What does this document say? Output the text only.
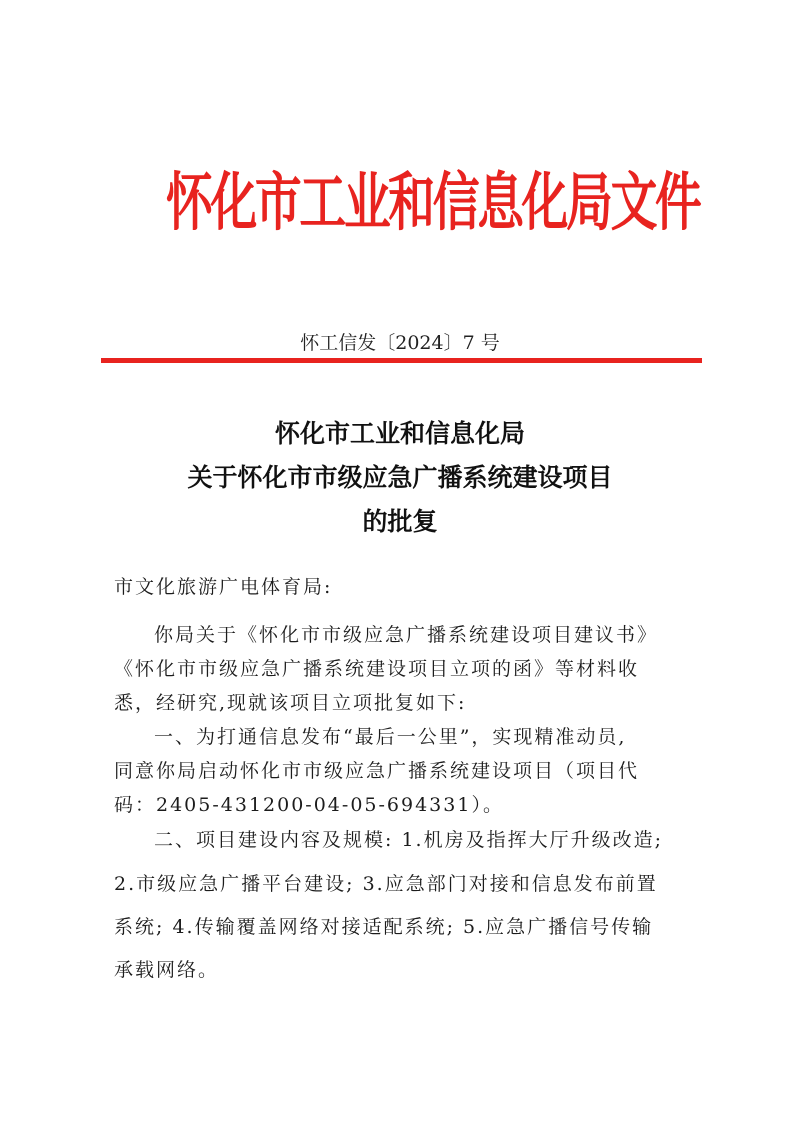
怀化市工业和信息化局文件
怀工信发〔2024〕7 号
怀化市工业和信息化局
关于怀化市市级应急广播系统建设项目
的批复
市文化旅游广电体育局:
你局关于《怀化市市级应急广播系统建设项目建议书》
《怀化市市级应急广播系统建设项目立项的函》等材料收
悉，经研究,现就该项目立项批复如下:
一、为打通信息发布“最后一公里”，实现精准动员,
同意你局启动怀化市市级应急广播系统建设项目（项目代
码：2405-431200-04-05-694331）。
二、项目建设内容及规模: 1.机房及指挥大厅升级改造;
2.市级应急广播平台建设; 3.应急部门对接和信息发布前置
系统; 4.传输覆盖网络对接适配系统; 5.应急广播信号传输
承载网络。
